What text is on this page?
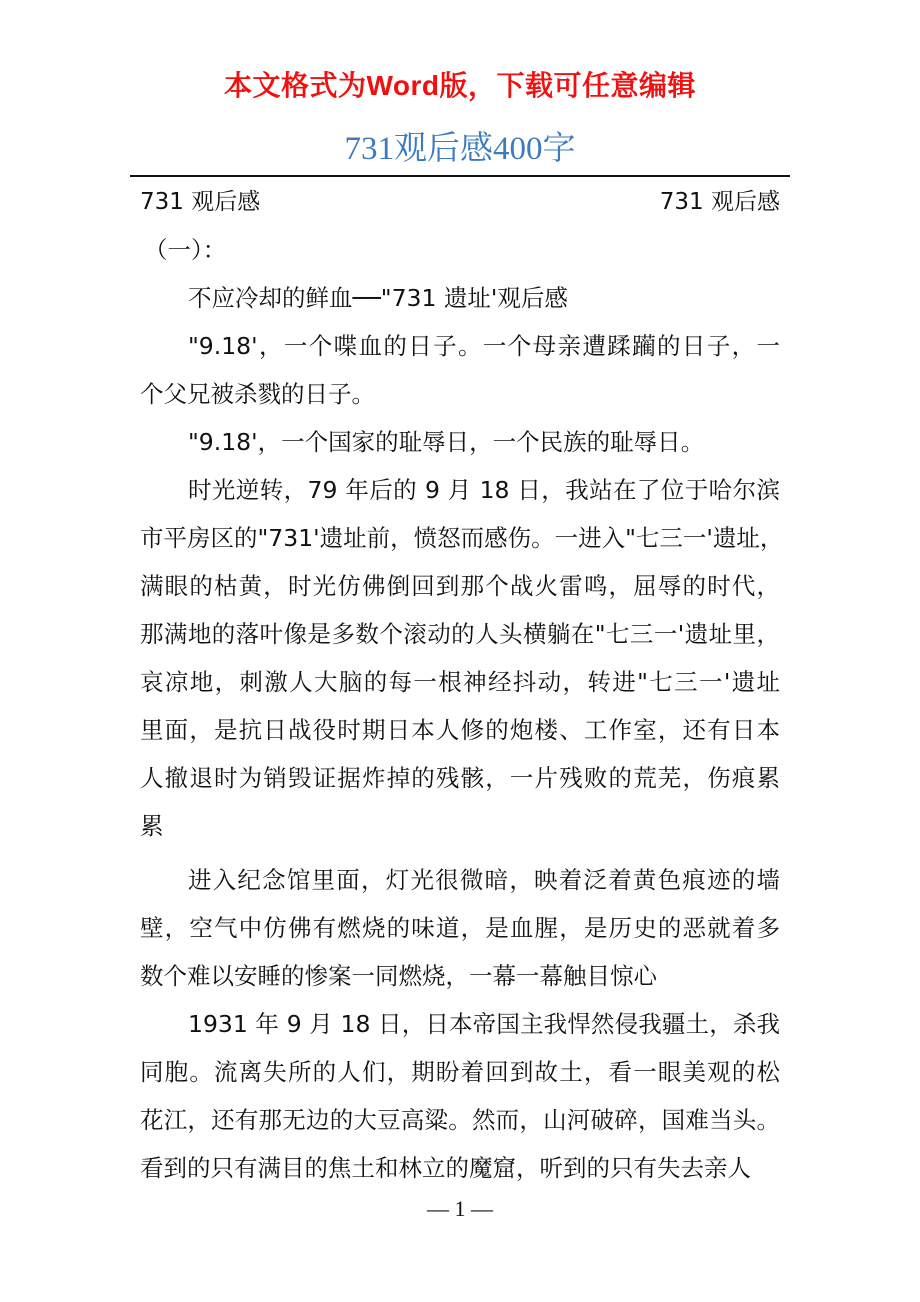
本文格式为Word版，下载可任意编辑
731观后感400字
731 观后感	731 观后感
（一）：
不应冷却的鲜血──"731 遗址'观后感
"9.18'，一个喋血的日子。一个母亲遭蹂躏的日子，一
个父兄被杀戮的日子。
"9.18'，一个国家的耻辱日，一个民族的耻辱日。
时光逆转，79 年后的 9 月 18 日，我站在了位于哈尔滨
市平房区的"731'遗址前，愤怒而感伤。一进入"七三一'遗址，
满眼的枯黄，时光仿佛倒回到那个战火雷鸣，屈辱的时代，
那满地的落叶像是多数个滚动的人头横躺在"七三一'遗址里，
哀凉地，刺激人大脑的每一根神经抖动，转进"七三一'遗址
里面，是抗日战役时期日本人修的炮楼、工作室，还有日本
人撤退时为销毁证据炸掉的残骸，一片残败的荒芜，伤痕累
累
进入纪念馆里面，灯光很微暗，映着泛着黄色痕迹的墙
壁，空气中仿佛有燃烧的味道，是血腥，是历史的恶就着多
数个难以安睡的惨案一同燃烧，一幕一幕触目惊心
1931 年 9 月 18 日，日本帝国主我悍然侵我疆土，杀我
同胞。流离失所的人们，期盼着回到故土，看一眼美观的松
花江，还有那无边的大豆高粱。然而，山河破碎，国难当头。
看到的只有满目的焦土和林立的魔窟，听到的只有失去亲人
— 1 —
